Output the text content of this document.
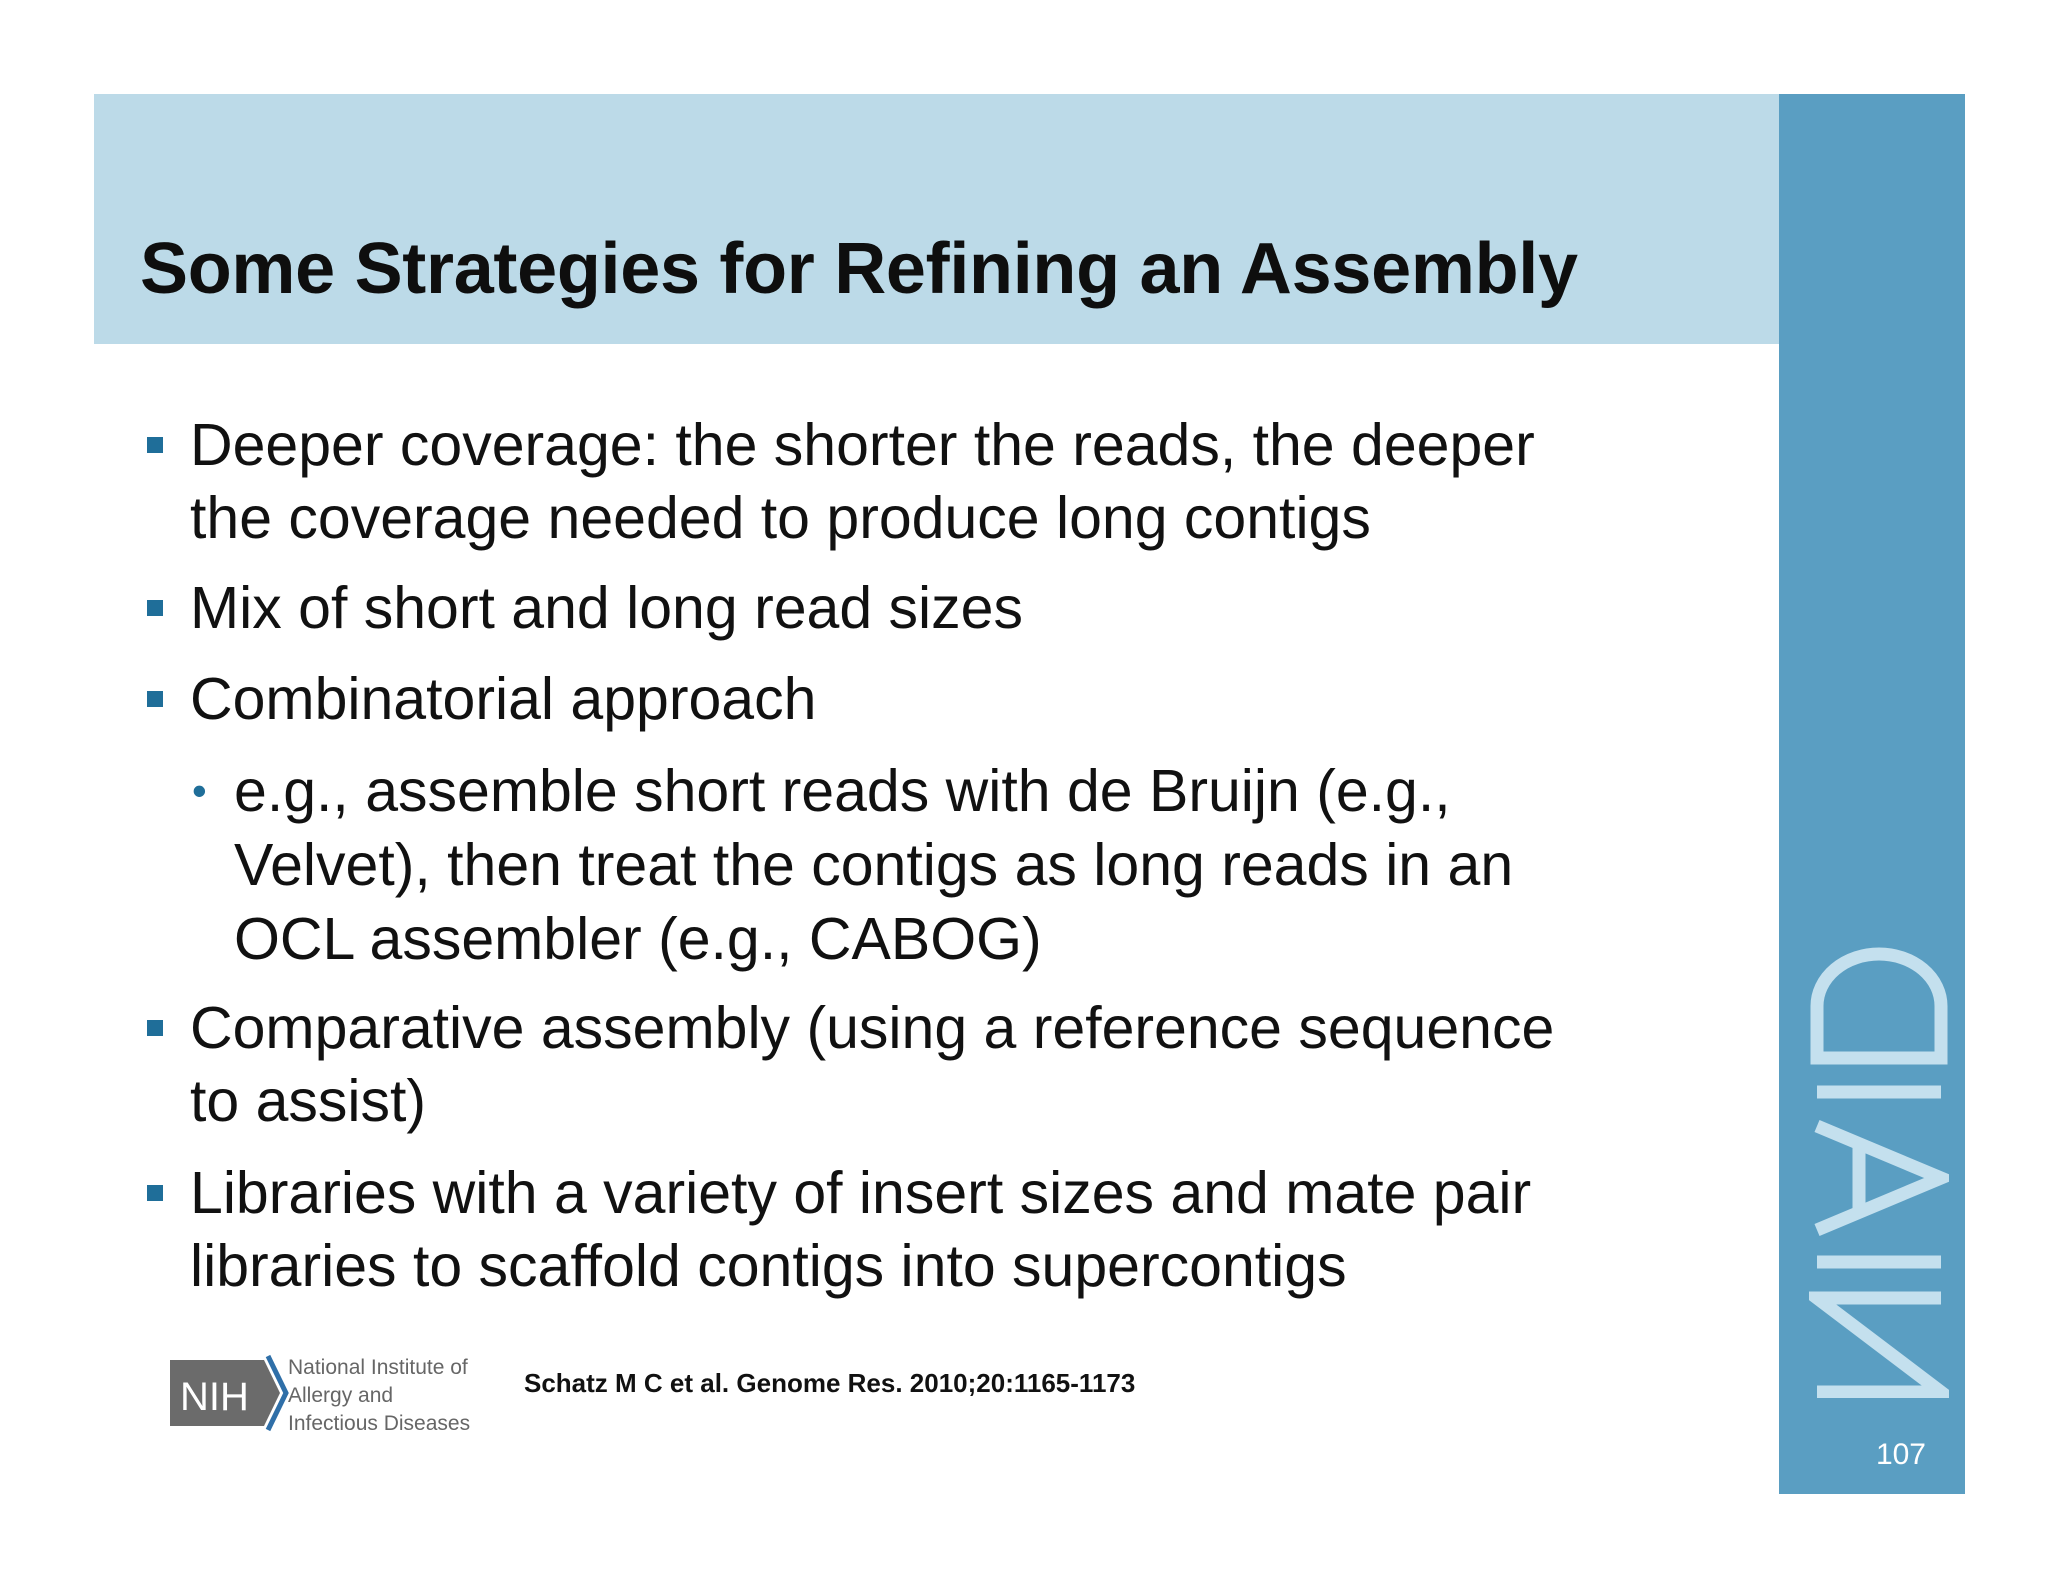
Some Strategies for Refining an Assembly
107
Deeper coverage: the shorter the reads, the deeper
the coverage needed to produce long contigs
Mix of short and long read sizes
Combinatorial approach
• e.g., assemble short reads with de Bruijn (e.g.,
Velvet), then treat the contigs as long reads in an
OCL assembler (e.g., CABOG)
Comparative assembly (using a reference sequence
to assist)
Libraries with a variety of insert sizes and mate pair
libraries to scaffold contigs into supercontigs
NIH
National Institute of
Allergy and
Infectious Diseases
Schatz M C et al. Genome Res. 2010;20:1165-1173
